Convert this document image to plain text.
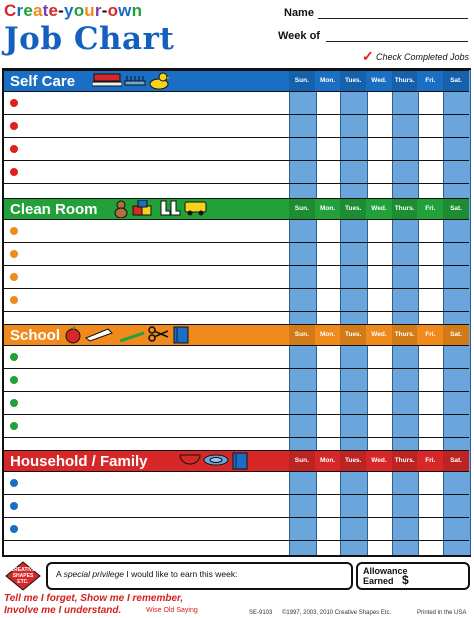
Create-your-own
Job Chart
Name
Week of
✓ Check Completed Jobs
Self Care	Sun.	Mon.	Tues.	Wed.	Thurs.	Fri.	Sat.
Clean Room	Sun.	Mon.	Tues.	Wed.	Thurs.	Fri.	Sat.
School	Sun.	Mon.	Tues.	Wed.	Thurs.	Fri.	Sat.
Household / Family	Sun.	Mon.	Tues.	Wed.	Thurs.	Fri.	Sat.
CREATIVE
SHAPES
ETC.
A special privilege I would like to earn this week:	Allowance
Earned $
Tell me I forget, Show me I remember,
Involve me I understand.	Wise Old Saying	SE-9103 ©1997, 2003, 2010 Creative Shapes Etc.	Printed in the USA
